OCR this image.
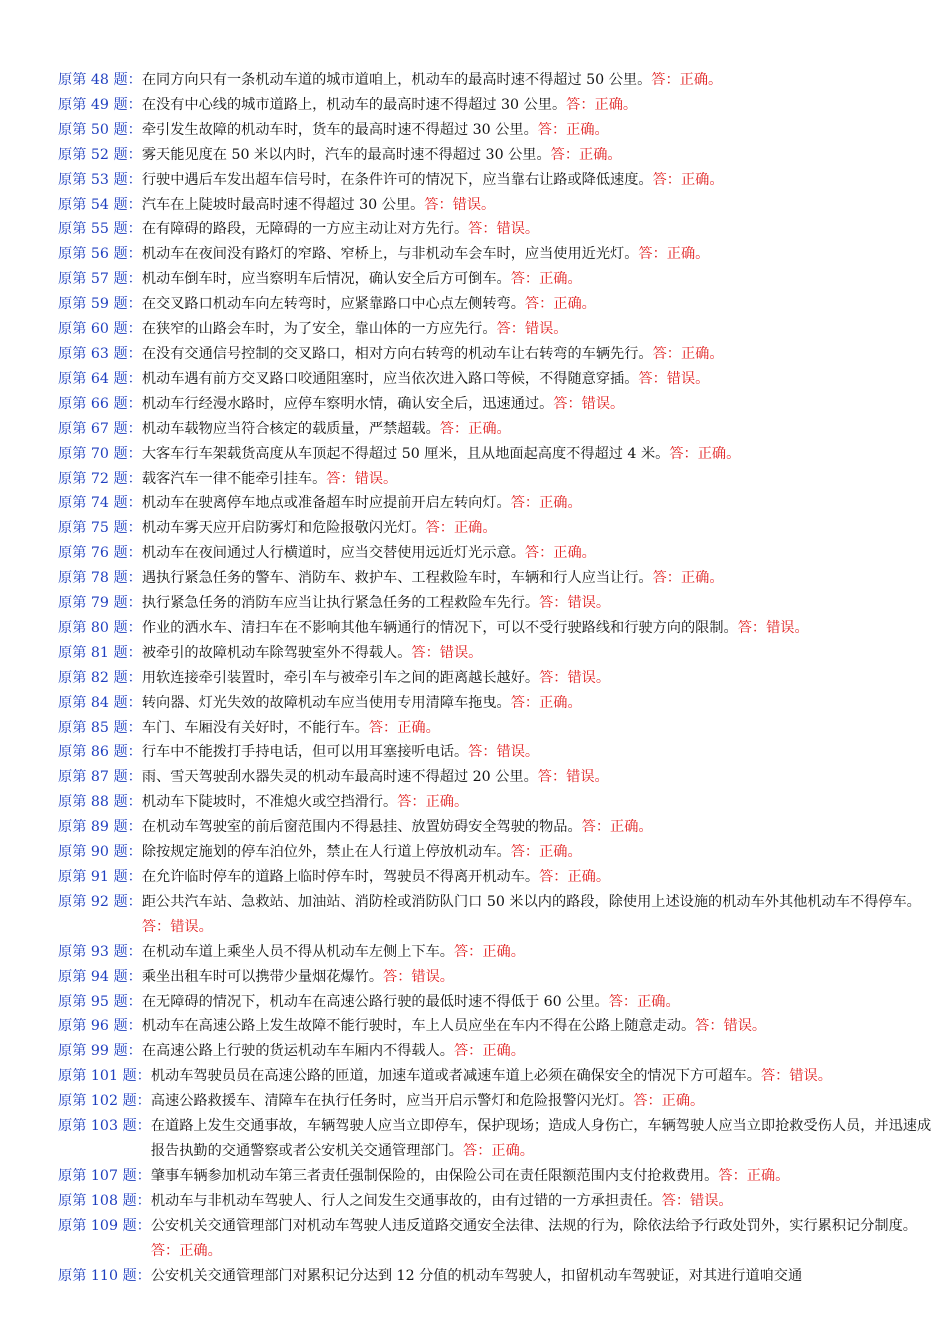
原第 48 题： 在同方向只有一条机动车道的城市道咱上，机动车的最高时速不得超过 50 公里。答：正确。
原第 49 题： 在没有中心线的城市道路上，机动车的最高时速不得超过 30 公里。答：正确。
原第 50 题： 牵引发生故障的机动车时，货车的最高时速不得超过 30 公里。答：正确。
原第 52 题： 雾天能见度在 50 米以内时，汽车的最高时速不得超过 30 公里。答：正确。
原第 53 题： 行驶中遇后车发出超车信号时，在条件许可的情况下，应当靠右让路或降低速度。答：正确。
原第 54 题： 汽车在上陡坡时最高时速不得超过 30 公里。答：错误。
原第 55 题： 在有障碍的路段，无障碍的一方应主动让对方先行。答：错误。
原第 56 题： 机动车在夜间没有路灯的窄路、窄桥上，与非机动车会车时，应当使用近光灯。答：正确。
原第 57 题： 机动车倒车时，应当察明车后情况，确认安全后方可倒车。答：正确。
原第 59 题： 在交叉路口机动车向左转弯时，应紧靠路口中心点左侧转弯。答：正确。
原第 60 题： 在狭窄的山路会车时，为了安全，靠山体的一方应先行。答：错误。
原第 63 题： 在没有交通信号控制的交叉路口，相对方向右转弯的机动车让右转弯的车辆先行。答：正确。
原第 64 题： 机动车遇有前方交叉路口咬通阻塞时，应当依次进入路口等候，不得随意穿插。答：错误。
原第 66 题： 机动车行经漫水路时，应停车察明水情，确认安全后，迅速通过。答：错误。
原第 67 题： 机动车载物应当符合核定的载质量，严禁超载。答：正确。
原第 70 题： 大客车行车架载货高度从车顶起不得超过 50 厘米，且从地面起高度不得超过 4 米。答：正确。
原第 72 题： 载客汽车一律不能牵引挂车。答：错误。
原第 74 题： 机动车在驶离停车地点或准备超车时应提前开启左转向灯。答：正确。
原第 75 题： 机动车雾天应开启防雾灯和危险报敬闪光灯。答：正确。
原第 76 题： 机动车在夜间通过人行横道时，应当交替使用远近灯光示意。答：正确。
原第 78 题： 遇执行紧急任务的警车、消防车、救护车、工程救险车时，车辆和行人应当让行。答：正确。
原第 79 题： 执行紧急任务的消防车应当让执行紧急任务的工程救险车先行。答：错误。
原第 80 题： 作业的洒水车、清扫车在不影响其他车辆通行的情况下，可以不受行驶路线和行驶方向的限制。答：错误。
原第 81 题： 被牵引的故障机动车除驾驶室外不得载人。答：错误。
原第 82 题： 用软连接牵引装置时，牵引车与被牵引车之间的距离越长越好。答：错误。
原第 84 题： 转向器、灯光失效的故障机动车应当使用专用清障车拖曳。答：正确。
原第 85 题： 车门、车厢没有关好时，不能行车。答：正确。
原第 86 题： 行车中不能拨打手持电话，但可以用耳塞接听电话。答：错误。
原第 87 题： 雨、雪天驾驶刮水器失灵的机动车最高时速不得超过 20 公里。答：错误。
原第 88 题： 机动车下陡坡时，不准熄火或空挡滑行。答：正确。
原第 89 题： 在机动车驾驶室的前后窗范围内不得悬挂、放置妨碍安全驾驶的物品。答：正确。
原第 90 题： 除按规定施划的停车泊位外，禁止在人行道上停放机动车。答：正确。
原第 91 题： 在允许临时停车的道路上临时停车时，驾驶员不得离开机动车。答：正确。
原第 92 题： 距公共汽车站、急救站、加油站、消防栓或消防队门口 50 米以内的路段，除使用上述设施的机动车外其他机动车不得停车。答：错误。
原第 93 题： 在机动车道上乘坐人员不得从机动车左侧上下车。答：正确。
原第 94 题： 乘坐出租车时可以携带少量烟花爆竹。答：错误。
原第 95 题： 在无障碍的情况下，机动车在高速公路行驶的最低时速不得低于 60 公里。答：正确。
原第 96 题： 机动车在高速公路上发生故障不能行驶时，车上人员应坐在车内不得在公路上随意走动。答：错误。
原第 99 题： 在高速公路上行驶的货运机动车车厢内不得载人。答：正确。
原第 101 题： 机动车驾驶员员在高速公路的匝道，加速车道或者减速车道上必须在确保安全的情况下方可超车。答：错误。
原第 102 题： 高速公路救援车、清障车在执行任务时，应当开启示警灯和危险报警闪光灯。答：正确。
原第 103 题： 在道路上发生交通事故，车辆驾驶人应当立即停车，保护现场；造成人身伤亡，车辆驾驶人应当立即抢救受伤人员，并迅速成报告执勤的交通警察或者公安机关交通管理部门。答：正确。
原第 107 题： 肇事车辆参加机动车第三者责任强制保险的，由保险公司在责任限额范围内支付抢救费用。答：正确。
原第 108 题： 机动车与非机动车驾驶人、行人之间发生交通事故的，由有过错的一方承担责任。答：错误。
原第 109 题： 公安机关交通管理部门对机动车驾驶人违反道路交通安全法律、法规的行为，除依法给予行政处罚外，实行累积记分制度。答：正确。
原第 110 题： 公安机关交通管理部门对累积记分达到 12 分值的机动车驾驶人，扣留机动车驾驶证，对其进行道咱交通
